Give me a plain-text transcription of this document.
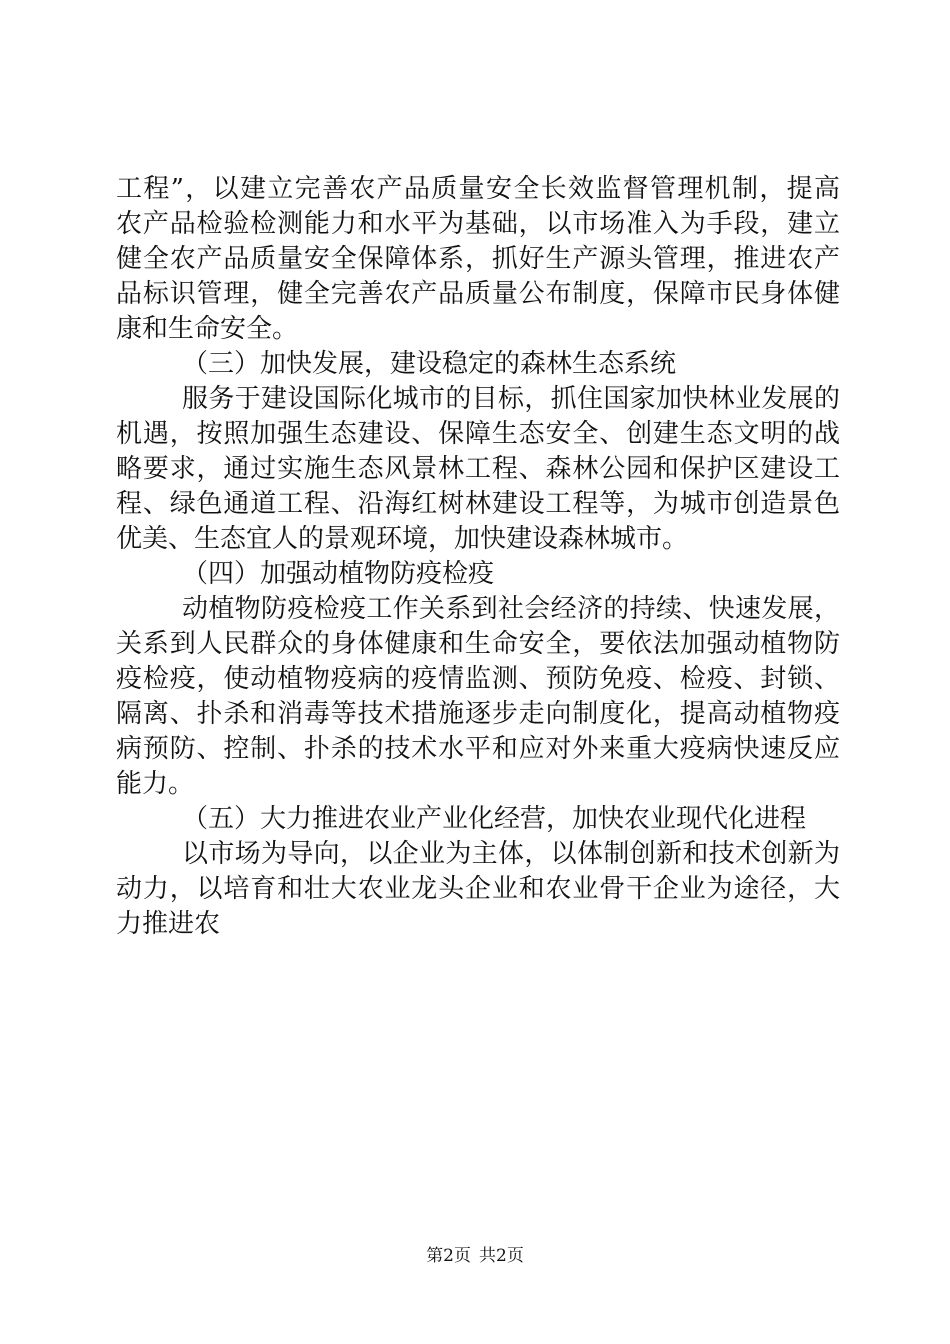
工程”，以建立完善农产品质量安全长效监督管理机制，提高
农产品检验检测能力和水平为基础，以市场准入为手段，建立
健全农产品质量安全保障体系，抓好生产源头管理，推进农产
品标识管理，健全完善农产品质量公布制度，保障市民身体健
康和生命安全。
（三）加快发展，建设稳定的森林生态系统
服务于建设国际化城市的目标，抓住国家加快林业发展的
机遇，按照加强生态建设、保障生态安全、创建生态文明的战
略要求，通过实施生态风景林工程、森林公园和保护区建设工
程、绿色通道工程、沿海红树林建设工程等，为城市创造景色
优美、生态宜人的景观环境，加快建设森林城市。
（四）加强动植物防疫检疫
动植物防疫检疫工作关系到社会经济的持续、快速发展，
关系到人民群众的身体健康和生命安全，要依法加强动植物防
疫检疫，使动植物疫病的疫情监测、预防免疫、检疫、封锁、
隔离、扑杀和消毒等技术措施逐步走向制度化，提高动植物疫
病预防、控制、扑杀的技术水平和应对外来重大疫病快速反应
能力。
（五）大力推进农业产业化经营，加快农业现代化进程
以市场为导向，以企业为主体，以体制创新和技术创新为
动力，以培育和壮大农业龙头企业和农业骨干企业为途径，大
力推进农
第2页 共2页
